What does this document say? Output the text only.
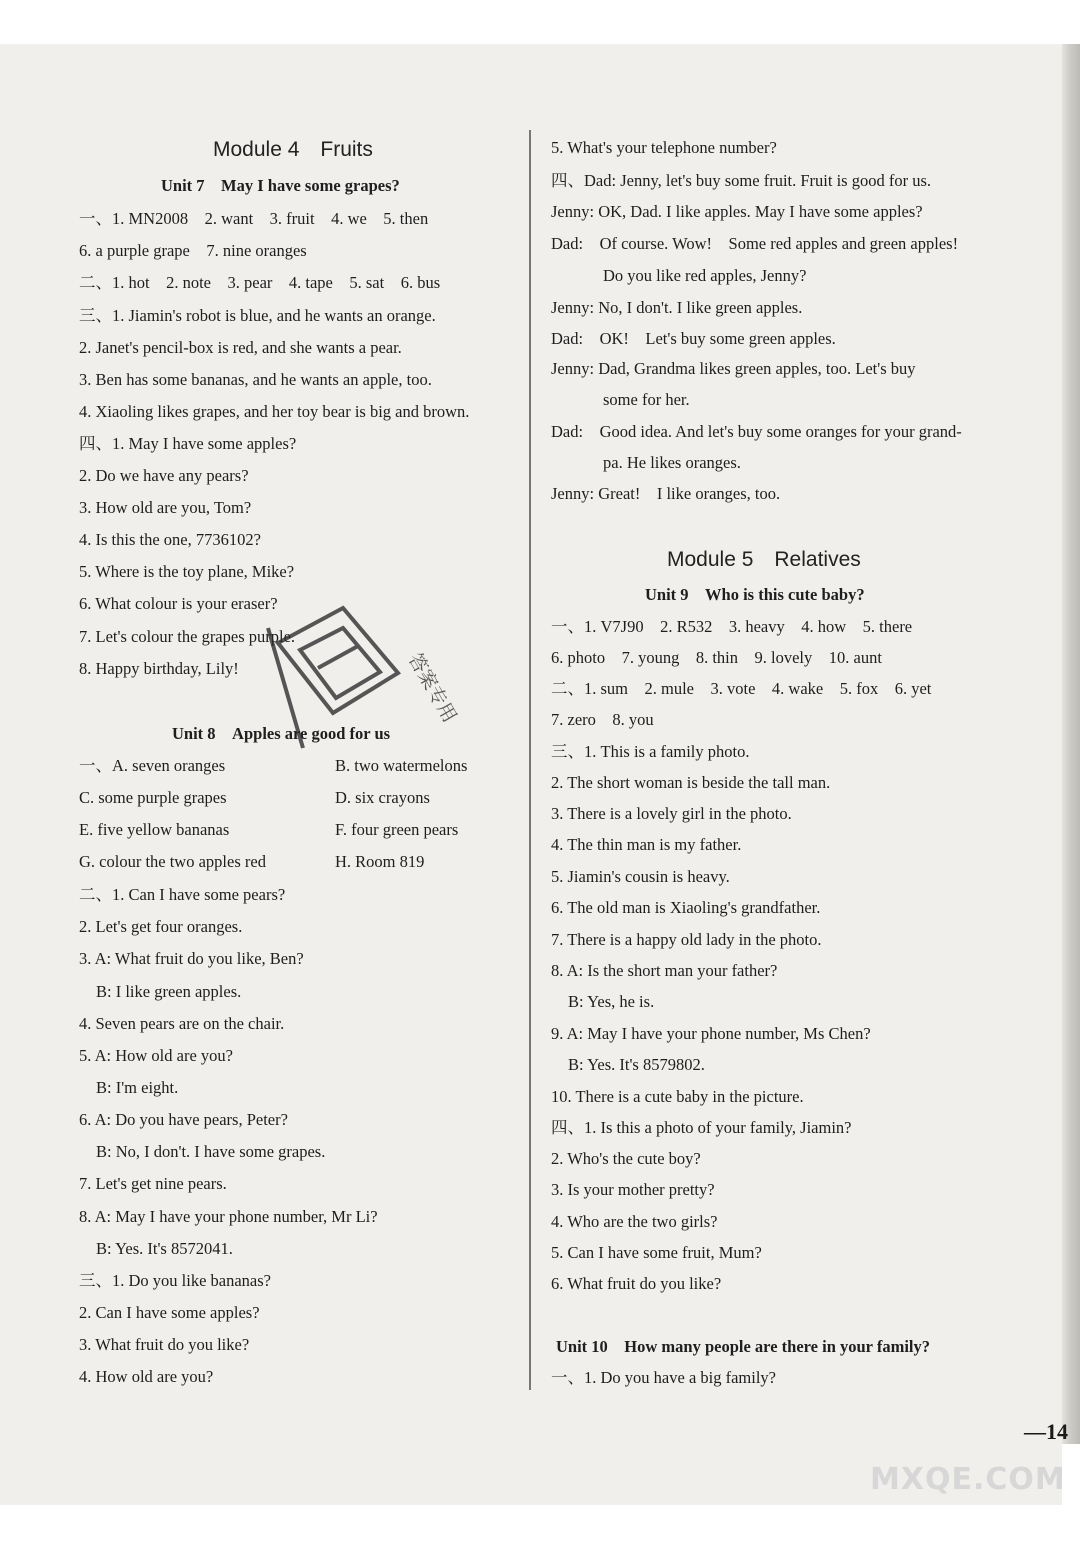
Module 4　Fruits
Unit 7　May I have some grapes?
一、1. MN2008　2. want　3. fruit　4. we　5. then
6. a purple grape　7. nine oranges
二、1. hot　2. note　3. pear　4. tape　5. sat　6. bus
三、1. Jiamin's robot is blue, and he wants an orange.
2. Janet's pencil-box is red, and she wants a pear.
3. Ben has some bananas, and he wants an apple, too.
4. Xiaoling likes grapes, and her toy bear is big and brown.
四、1. May I have some apples?
2. Do we have any pears?
3. How old are you, Tom?
4. Is this the one, 7736102?
5. Where is the toy plane, Mike?
6. What colour is your eraser?
7. Let's colour the grapes purple.
8. Happy birthday, Lily!
Unit 8　Apples are good for us
一、A. seven oranges	B. two watermelons
C. some purple grapes	D. six crayons
E. five yellow bananas	F. four green pears
G. colour the two apples red	H. Room 819
二、1. Can I have some pears?
2. Let's get four oranges.
3. A: What fruit do you like, Ben?
B: I like green apples.
4. Seven pears are on the chair.
5. A: How old are you?
B: I'm eight.
6. A: Do you have pears, Peter?
B: No, I don't. I have some grapes.
7. Let's get nine pears.
8. A: May I have your phone number, Mr Li?
B: Yes. It's 8572041.
三、1. Do you like bananas?
2. Can I have some apples?
3. What fruit do you like?
4. How old are you?
5. What's your telephone number?
四、Dad: Jenny, let's buy some fruit. Fruit is good for us.
Jenny: OK, Dad. I like apples. May I have some apples?
Dad:　Of course. Wow!　Some red apples and green apples!
Do you like red apples, Jenny?
Jenny: No, I don't. I like green apples.
Dad:　OK!　Let's buy some green apples.
Jenny: Dad, Grandma likes green apples, too. Let's buy
some for her.
Dad:　Good idea. And let's buy some oranges for your grand-
pa. He likes oranges.
Jenny: Great!　I like oranges, too.
Module 5　Relatives
Unit 9　Who is this cute baby?
一、1. V7J90　2. R532　3. heavy　4. how　5. there
6. photo　7. young　8. thin　9. lovely　10. aunt
二、1. sum　2. mule　3. vote　4. wake　5. fox　6. yet
7. zero　8. you
三、1. This is a family photo.
2. The short woman is beside the tall man.
3. There is a lovely girl in the photo.
4. The thin man is my father.
5. Jiamin's cousin is heavy.
6. The old man is Xiaoling's grandfather.
7. There is a happy old lady in the photo.
8. A: Is the short man your father?
B: Yes, he is.
9. A: May I have your phone number, Ms Chen?
B: Yes. It's 8579802.
10. There is a cute baby in the picture.
四、1. Is this a photo of your family, Jiamin?
2. Who's the cute boy?
3. Is your mother pretty?
4. Who are the two girls?
5. Can I have some fruit, Mum?
6. What fruit do you like?
Unit 10　How many people are there in your family?
一、1. Do you have a big family?
答案专用
—14
MXQE.COM
